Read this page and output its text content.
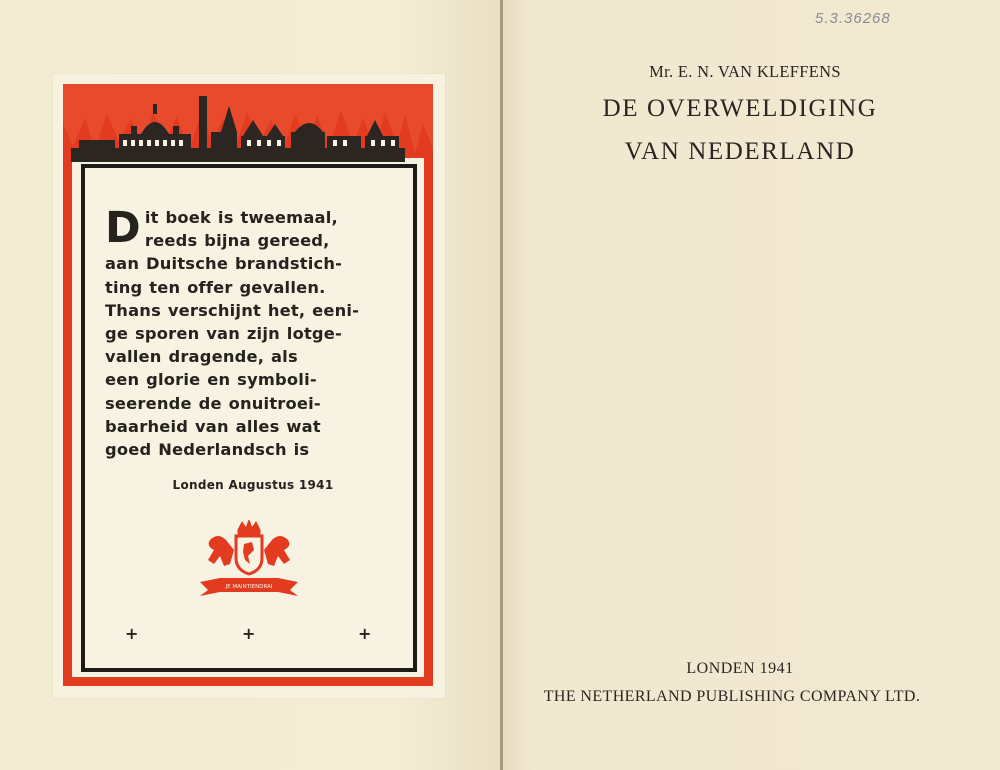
D it boek is tweemaal,
reeds bijna gereed,
aan Duitsche brandstich-
ting ten offer gevallen.
Thans verschijnt het, eeni-
ge sporen van zijn lotge-
vallen dragende, als
een glorie en symboli-
seerende de onuitroei-
baarheid van alles wat
goed Nederlandsch is

Londen Augustus 1941
JE MAINTIENDRAI
+	+	+
5.3.36268
Mr. E. N. VAN KLEFFENS
DE OVERWELDIGING
VAN NEDERLAND
LONDEN 1941
THE NETHERLAND PUBLISHING COMPANY LTD.
